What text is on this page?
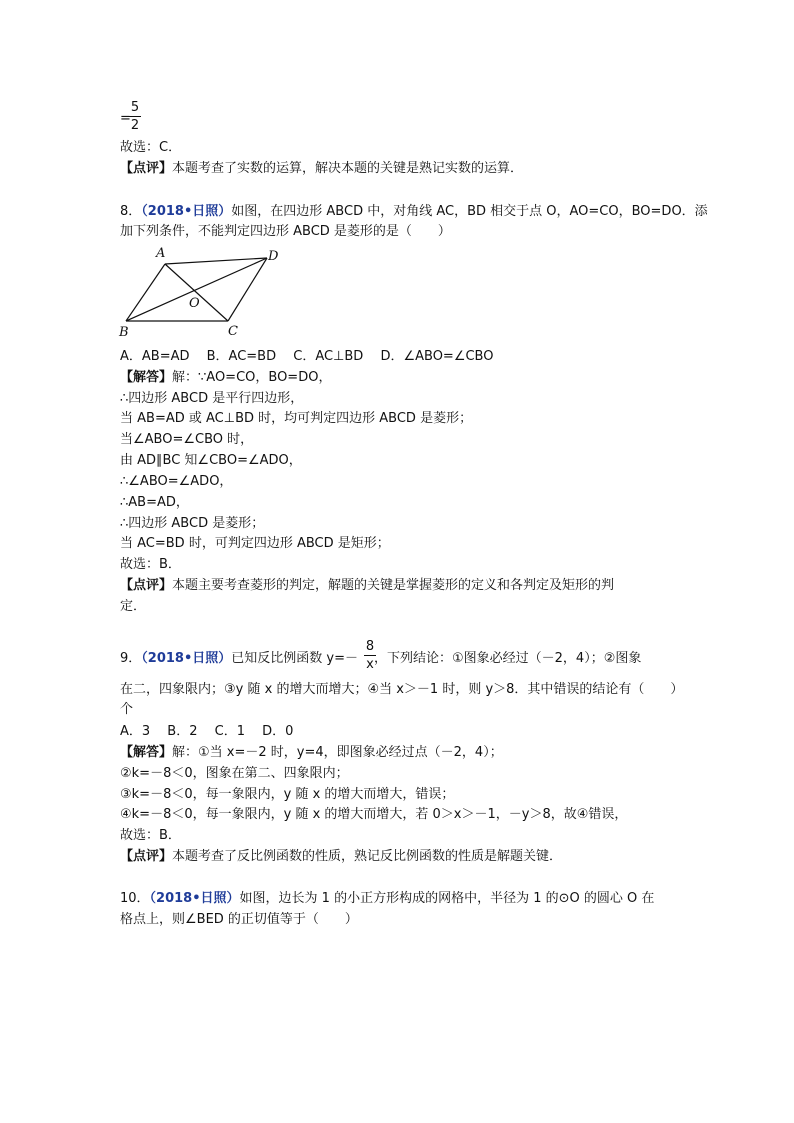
=
5
2
故选：C．
【点评】本题考查了实数的运算，解决本题的关键是熟记实数的运算．
8．（2018•日照）如图，在四边形 ABCD 中，对角线 AC，BD 相交于点 O，AO=CO，BO=DO．添
加下列条件，不能判定四边形 ABCD 是菱形的是（　　）
A	D
O
B	C
A．AB=AD　 B．AC=BD　 C．AC⊥BD　 D．∠ABO=∠CBO
【解答】解：∵AO=CO，BO=DO，
∴四边形 ABCD 是平行四边形，
当 AB=AD 或 AC⊥BD 时，均可判定四边形 ABCD 是菱形；
当∠ABO=∠CBO 时，
由 AD∥BC 知∠CBO=∠ADO，
∴∠ABO=∠ADO，
∴AB=AD，
∴四边形 ABCD 是菱形；
当 AC=BD 时，可判定四边形 ABCD 是矩形；
故选：B．
【点评】本题主要考查菱形的判定，解题的关键是掌握菱形的定义和各判定及矩形的判
定．
9．（2018•日照）已知反比例函数 y=－ ，下列结论：①图象必经过（－2，4）；②图象
8
x
在二，四象限内；③y 随 x 的增大而增大；④当 x＞－1 时，则 y＞8．其中错误的结论有（　　）
个
A．3　 B．2　 C．1　 D．0
【解答】解：①当 x=－2 时，y=4，即图象必经过点（－2，4）；
②k=－8＜0，图象在第二、四象限内；
③k=－8＜0，每一象限内，y 随 x 的增大而增大，错误；
④k=－8＜0，每一象限内，y 随 x 的增大而增大，若 0＞x＞－1，－y＞8，故④错误，
故选：B．
【点评】本题考查了反比例函数的性质，熟记反比例函数的性质是解题关键．
10．（2018•日照）如图，边长为 1 的小正方形构成的网格中，半径为 1 的⊙O 的圆心 O 在
格点上，则∠BED 的正切值等于（　　）
